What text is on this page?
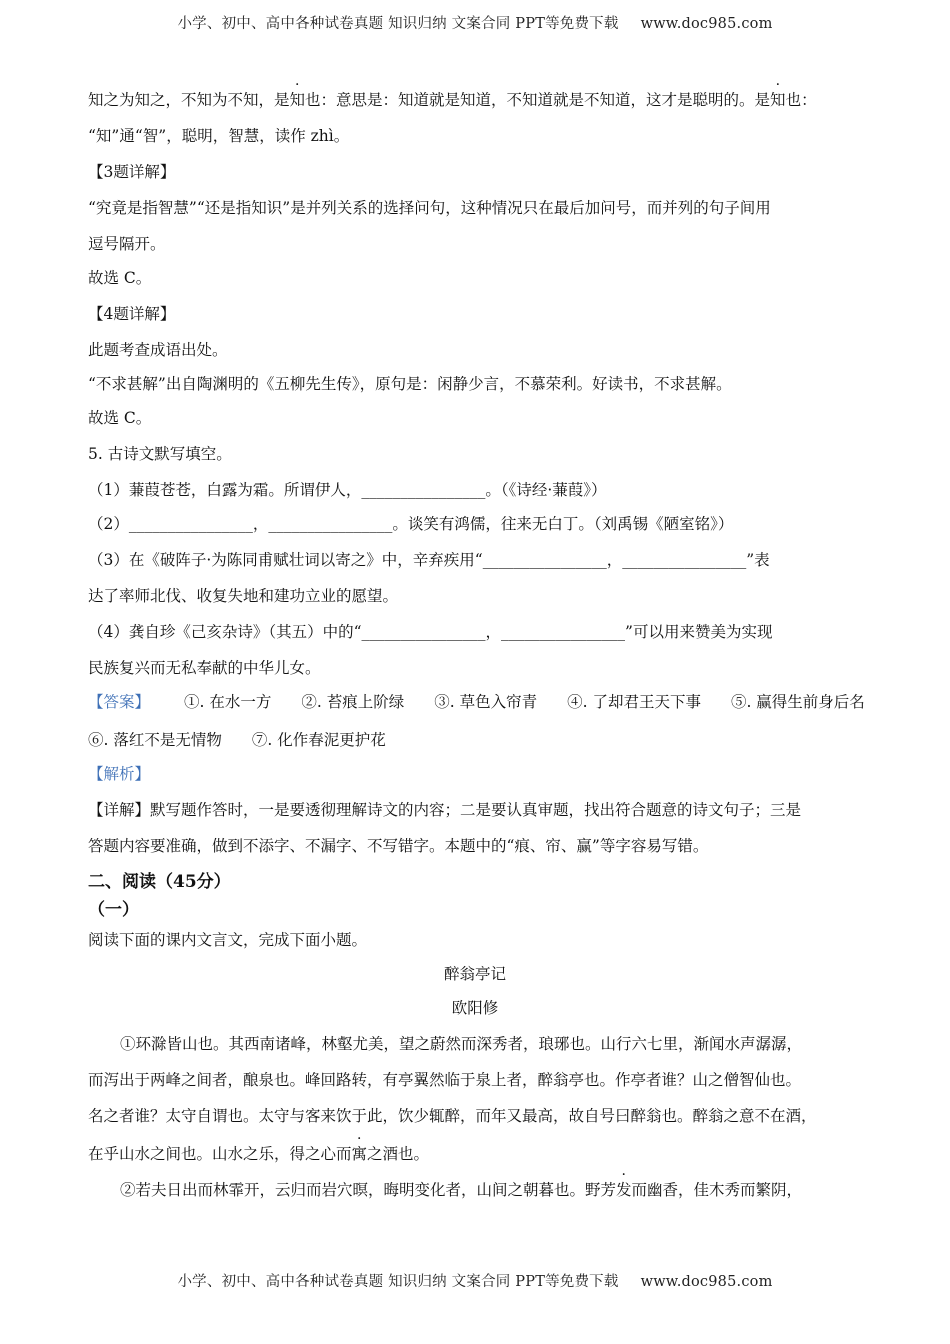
小学、初中、高中各种试卷真题 知识归纳 文案合同 PPT等免费下载 www.doc985.com
知之为知之，不知为不知，是知也：意思是：知道就是知道，不知道就是不知道，这才是聪明的。是知也：
“知”通“智”，聪明，智慧，读作 zhì。
【3题详解】
“究竟是指智慧”“还是指知识”是并列关系的选择问句，这种情况只在最后加问号，而并列的句子间用
逗号隔开。
故选 C。
【4题详解】
此题考查成语出处。
“不求甚解”出自陶渊明的《五柳先生传》，原句是：闲静少言，不慕荣利。好读书，不求甚解。
故选 C。
5. 古诗文默写填空。
（1）蒹葭苍苍，白露为霜。所谓伊人，________________。（《诗经·蒹葭》）
（2）________________，________________。谈笑有鸿儒，往来无白丁。（刘禹锡《陋室铭》）
（3）在《破阵子·为陈同甫赋壮词以寄之》中，辛弃疾用“________________，________________”表
达了率师北伐、收复失地和建功立业的愿望。
（4）龚自珍《己亥杂诗》（其五）中的“________________，________________”可以用来赞美为实现
民族复兴而无私奉献的中华儿女。
【答案】 ①. 在水一方 ②. 苔痕上阶绿 ③. 草色入帘青 ④. 了却君王天下事 ⑤. 赢得生前身后名
⑥. 落红不是无情物 ⑦. 化作春泥更护花
【解析】
【详解】默写题作答时，一是要透彻理解诗文的内容；二是要认真审题，找出符合题意的诗文句子；三是
答题内容要准确，做到不添字、不漏字、不写错字。本题中的“痕、帘、赢”等字容易写错。
二、阅读（45分）
（一）
阅读下面的课内文言文，完成下面小题。
醉翁亭记
欧阳修
①环滁皆山也。其西南诸峰，林壑尤美，望之蔚然而深秀者，琅琊也。山行六七里，渐闻水声潺潺，
而泻出于两峰之间者，酿泉也。峰回路转，有亭翼然临于泉上者，醉翁亭也。作亭者谁？山之僧智仙也。
名之者谁？太守自谓也。太守与客来饮于此，饮少辄醉，而年又最高，故自号曰醉翁也。醉翁之意不在酒，
在乎山水之间也。山水之乐，得之心而寓之酒也。
②若夫日出而林霏开，云归而岩穴暝，晦明变化者，山间之朝暮也。野芳发而幽香，佳木秀而繁阴，
小学、初中、高中各种试卷真题 知识归纳 文案合同 PPT等免费下载 www.doc985.com
